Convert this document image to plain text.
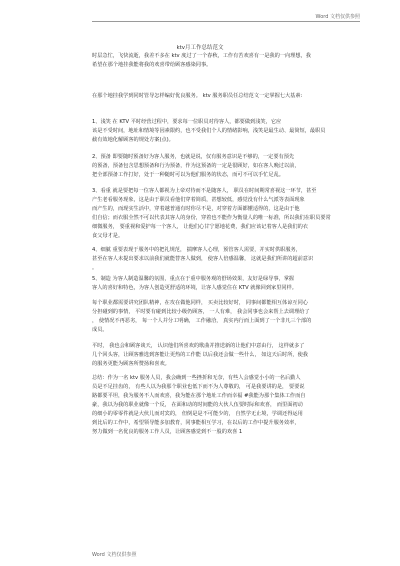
Word 文档仅供参照
ktv月工作总结范文
时层急忙，飞快流逝，我差不多在 ktv 度过了一个春秋，工作有苦欢喜有一是我的一向理想，我
希望在那个地挂我能将我的欢喜带给顾客感染同事。
在那个地挂我学到同时管导怎样编好优良服务。 ktv 服务职员任总结范文一定掌握七大基素:
1、浅笑 在 KTV 平时经营过程中，要求每一位职员对待客人，都要做到浅笑，它应
该是不受时间，地址和情境等因素限约，也不受我们个人的情绪影响，浅笑是最生动、最简短，最职员
截有效地化解顾客的规处方案(点)。
2、预备 即要随时预备好为客人服务，也就是说，仅有服务意识是不够的，一定要有预先
的预备，预备包含思想预备和行为预备，作为这预备的一定是很顾好，如在客人晚过以前，
把全部预备工作打好，处于一种随时可以为他们服务的状态，而可不可以手忙足乱。
3、看重 就是要把每一位客人都视为上帝对待而不是随客人， 职员在时间期常喜视这一环节，甚至
产生老看服务现象，这是由于职员看他们穿着简质，甚想较低，感觉没有什么气派等表面现象
而产生的，而现实生活中，穿着越普通有时你尽不是，对穿着方面都懂适得的，这是由于他
们自信；而衣服全然不可以代表其客人的身份，穿着也不能作为衡量人的唯一标准，所以我们在职员要常
细微服务， 要重视和爱护每一个客人， 让他们心甘宁愿地花费，我们应该记着客人是我们的衣
食父母才是。
4、细腻 重要表现于服务中的把礼规范， 揣摩客人心理，预管客人需要，并实时供职服务，
甚至在客人未提出要求以前我们就能替客人做到， 使客人倍感温馨， 这就是我们所讲的超前意识
。
5、制造 为客人制造温馨的氛围，重点在于重中服务观的舒场效果，友好是绿导事，掌握
客人的喜好和特色，为客人创造更舒适的环境，让客人感觉住在 KTV 就像回到家里同样。
每个职业都需要讲究团队精神，在攻在做他同样， 买卖比较好时， 同事间都能相互体谅互同心
分担碰到的事情， 平时要有碰到比较小级仍顾客， 一人有难， 我会同事也会来帮上去调理给了
， 使情况不再恶劣， 每一个人并分工明确， 工作融洽， 真实内行而上面到了一个非凡三个部的
成员。
平时， 我也会和顾客谈天， 认识他们所喜欢的歌曲并推送新的让他们中意由行， 这样就多了
几个回头客，让顾客雅选到客能让更热的工作能 以后我还会做一些什么， 如这天后时所，使我
的服务更能为顾客所赞扬和喜欢。
总结：作为一名 ktv 服务人员，我会确到一些挫折和无奈，有些人会感觉小小的一名后勤人
员是不足挂齿的， 有些人以为我那个职业也低下而不为人尊敬的， 可是我要讲的是， 要要说
路都要平坦，我为服务不人而欢喜，我为能在那个地址工作而幸福 #我能为那个集体工作而自
豪，我以为我的职业就像一个反， 在面和动的时间能的大伙人伍要时际和欢喜， 而里面初动
的细小的零零件就是大伙儿而对宾的， 但倒是是不可能少的， 自然学无止境，学调还得运用
到比后的工作中，希望领导能多加教育，同事能相互学习，在以后的工作中提升服务效率，
努力做到一名优良的服务工作人员，让顾客感觉到不一股的欢喜 1
Word 文档仅供参照
